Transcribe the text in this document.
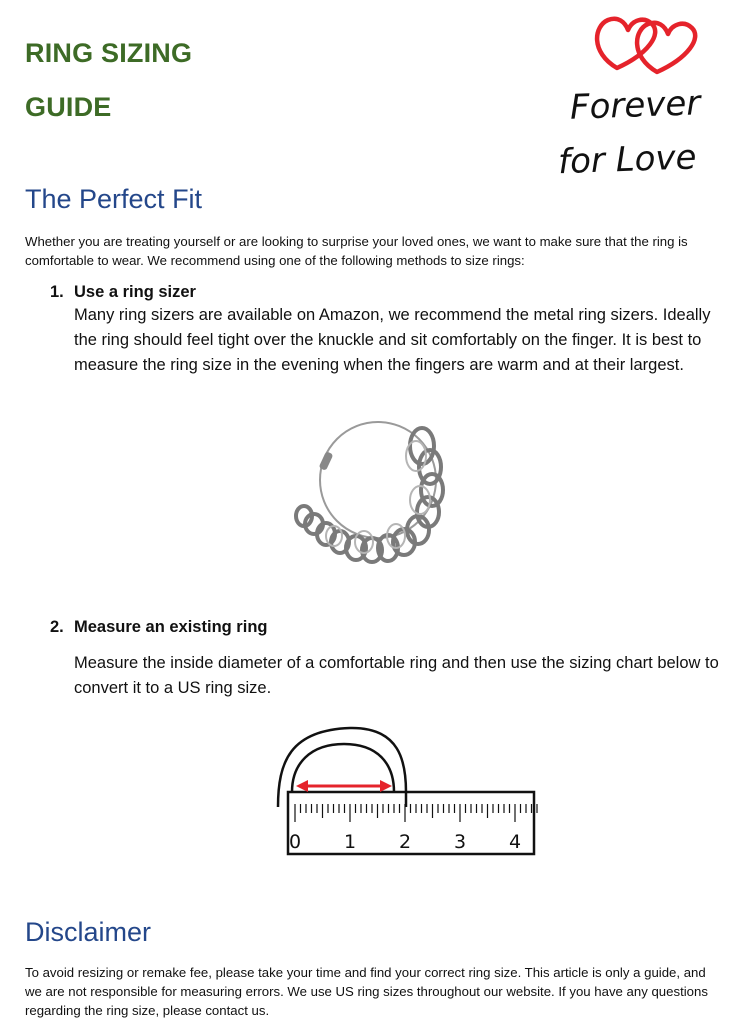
RING SIZING
GUIDE	Forever
for Love
The Perfect Fit
Whether you are treating yourself or are looking to surprise your loved ones, we want to make sure that the ring is comfortable to wear. We recommend using one of the following methods to size rings:
1. Use a ring sizer
Many ring sizers are available on Amazon, we recommend the metal ring sizers. Ideally the ring should feel tight over the knuckle and sit comfortably on the finger. It is best to measure the ring size in the evening when the fingers are warm and at their largest.
2. Measure an existing ring
Measure the inside diameter of a comfortable ring and then use the sizing chart below to convert it to a US ring size.
0 1 2 3 4
Disclaimer
To avoid resizing or remake fee, please take your time and find your correct ring size. This article is only a guide, and we are not responsible for measuring errors. We use US ring sizes throughout our website. If you have any questions regarding the ring size, please contact us.
